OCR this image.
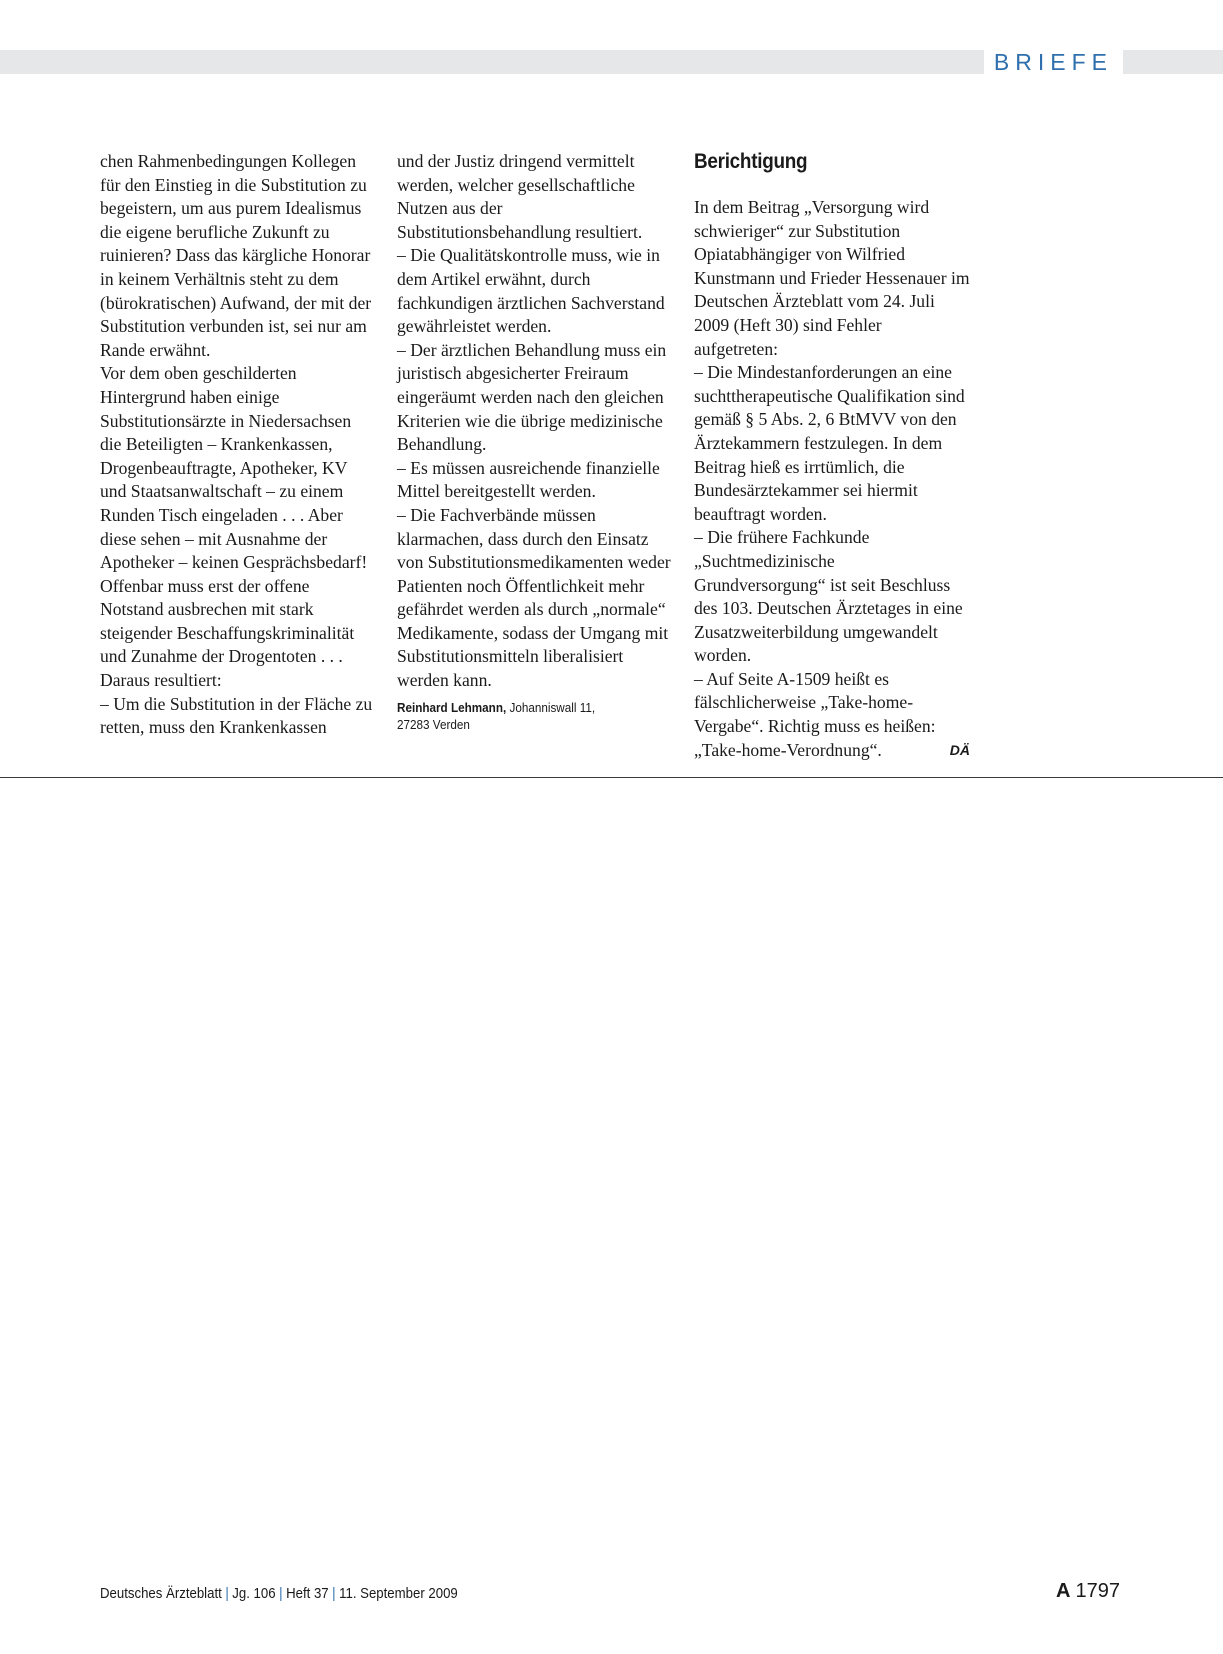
BRIEFE

chen Rahmenbedingungen Kollegen für den Einstieg in die Substitution zu begeistern, um aus purem Idealismus die eigene berufliche Zukunft zu ruinieren? Dass das kärgliche Honorar in keinem Verhältnis steht zu dem (bürokratischen) Aufwand, der mit der Substitution verbunden ist, sei nur am Rande erwähnt.

Vor dem oben geschilderten Hintergrund haben einige Substitutionsärzte in Niedersachsen die Beteiligten – Krankenkassen, Drogenbeauftragte, Apotheker, KV und Staatsanwaltschaft – zu einem Runden Tisch eingeladen . . . Aber diese sehen – mit Ausnahme der Apotheker – keinen Gesprächsbedarf! Offenbar muss erst der offene Notstand ausbrechen mit stark steigender Beschaffungskriminalität und Zunahme der Drogentoten . . .

Daraus resultiert:

– Um die Substitution in der Fläche zu retten, muss den Krankenkassen

und der Justiz dringend vermittelt werden, welcher gesellschaftliche Nutzen aus der Substitutionsbehandlung resultiert.

– Die Qualitätskontrolle muss, wie in dem Artikel erwähnt, durch fachkundigen ärztlichen Sachverstand gewährleistet werden.

– Der ärztlichen Behandlung muss ein juristisch abgesicherter Freiraum eingeräumt werden nach den gleichen Kriterien wie die übrige medizinische Behandlung.

– Es müssen ausreichende finanzielle Mittel bereitgestellt werden.

– Die Fachverbände müssen klarmachen, dass durch den Einsatz von Substitutionsmedikamenten weder Patienten noch Öffentlichkeit mehr gefährdet werden als durch „normale“ Medikamente, sodass der Umgang mit Substitutionsmitteln liberalisiert werden kann.

Reinhard Lehmann, Johanniswall 11,
27283 Verden

Berichtigung

In dem Beitrag „Versorgung wird schwieriger“ zur Substitution Opiatabhängiger von Wilfried Kunstmann und Frieder Hessenauer im Deutschen Ärzteblatt vom 24. Juli 2009 (Heft 30) sind Fehler aufgetreten:

– Die Mindestanforderungen an eine suchttherapeutische Qualifikation sind gemäß § 5 Abs. 2, 6 BtMVV von den Ärztekammern festzulegen. In dem Beitrag hieß es irrtümlich, die Bundesärztekammer sei hiermit beauftragt worden.

– Die frühere Fachkunde „Suchtmedizinische Grundversorgung“ ist seit Beschluss des 103. Deutschen Ärztetages in eine Zusatzweiterbildung umgewandelt worden.

– Auf Seite A-1509 heißt es fälschlicherweise „Take-home-Vergabe“. Richtig muss es heißen: „Take-home-Verordnung“.	DÄ

Deutsches Ärzteblatt | Jg. 106 | Heft 37 | 11. September 2009	A 1797
